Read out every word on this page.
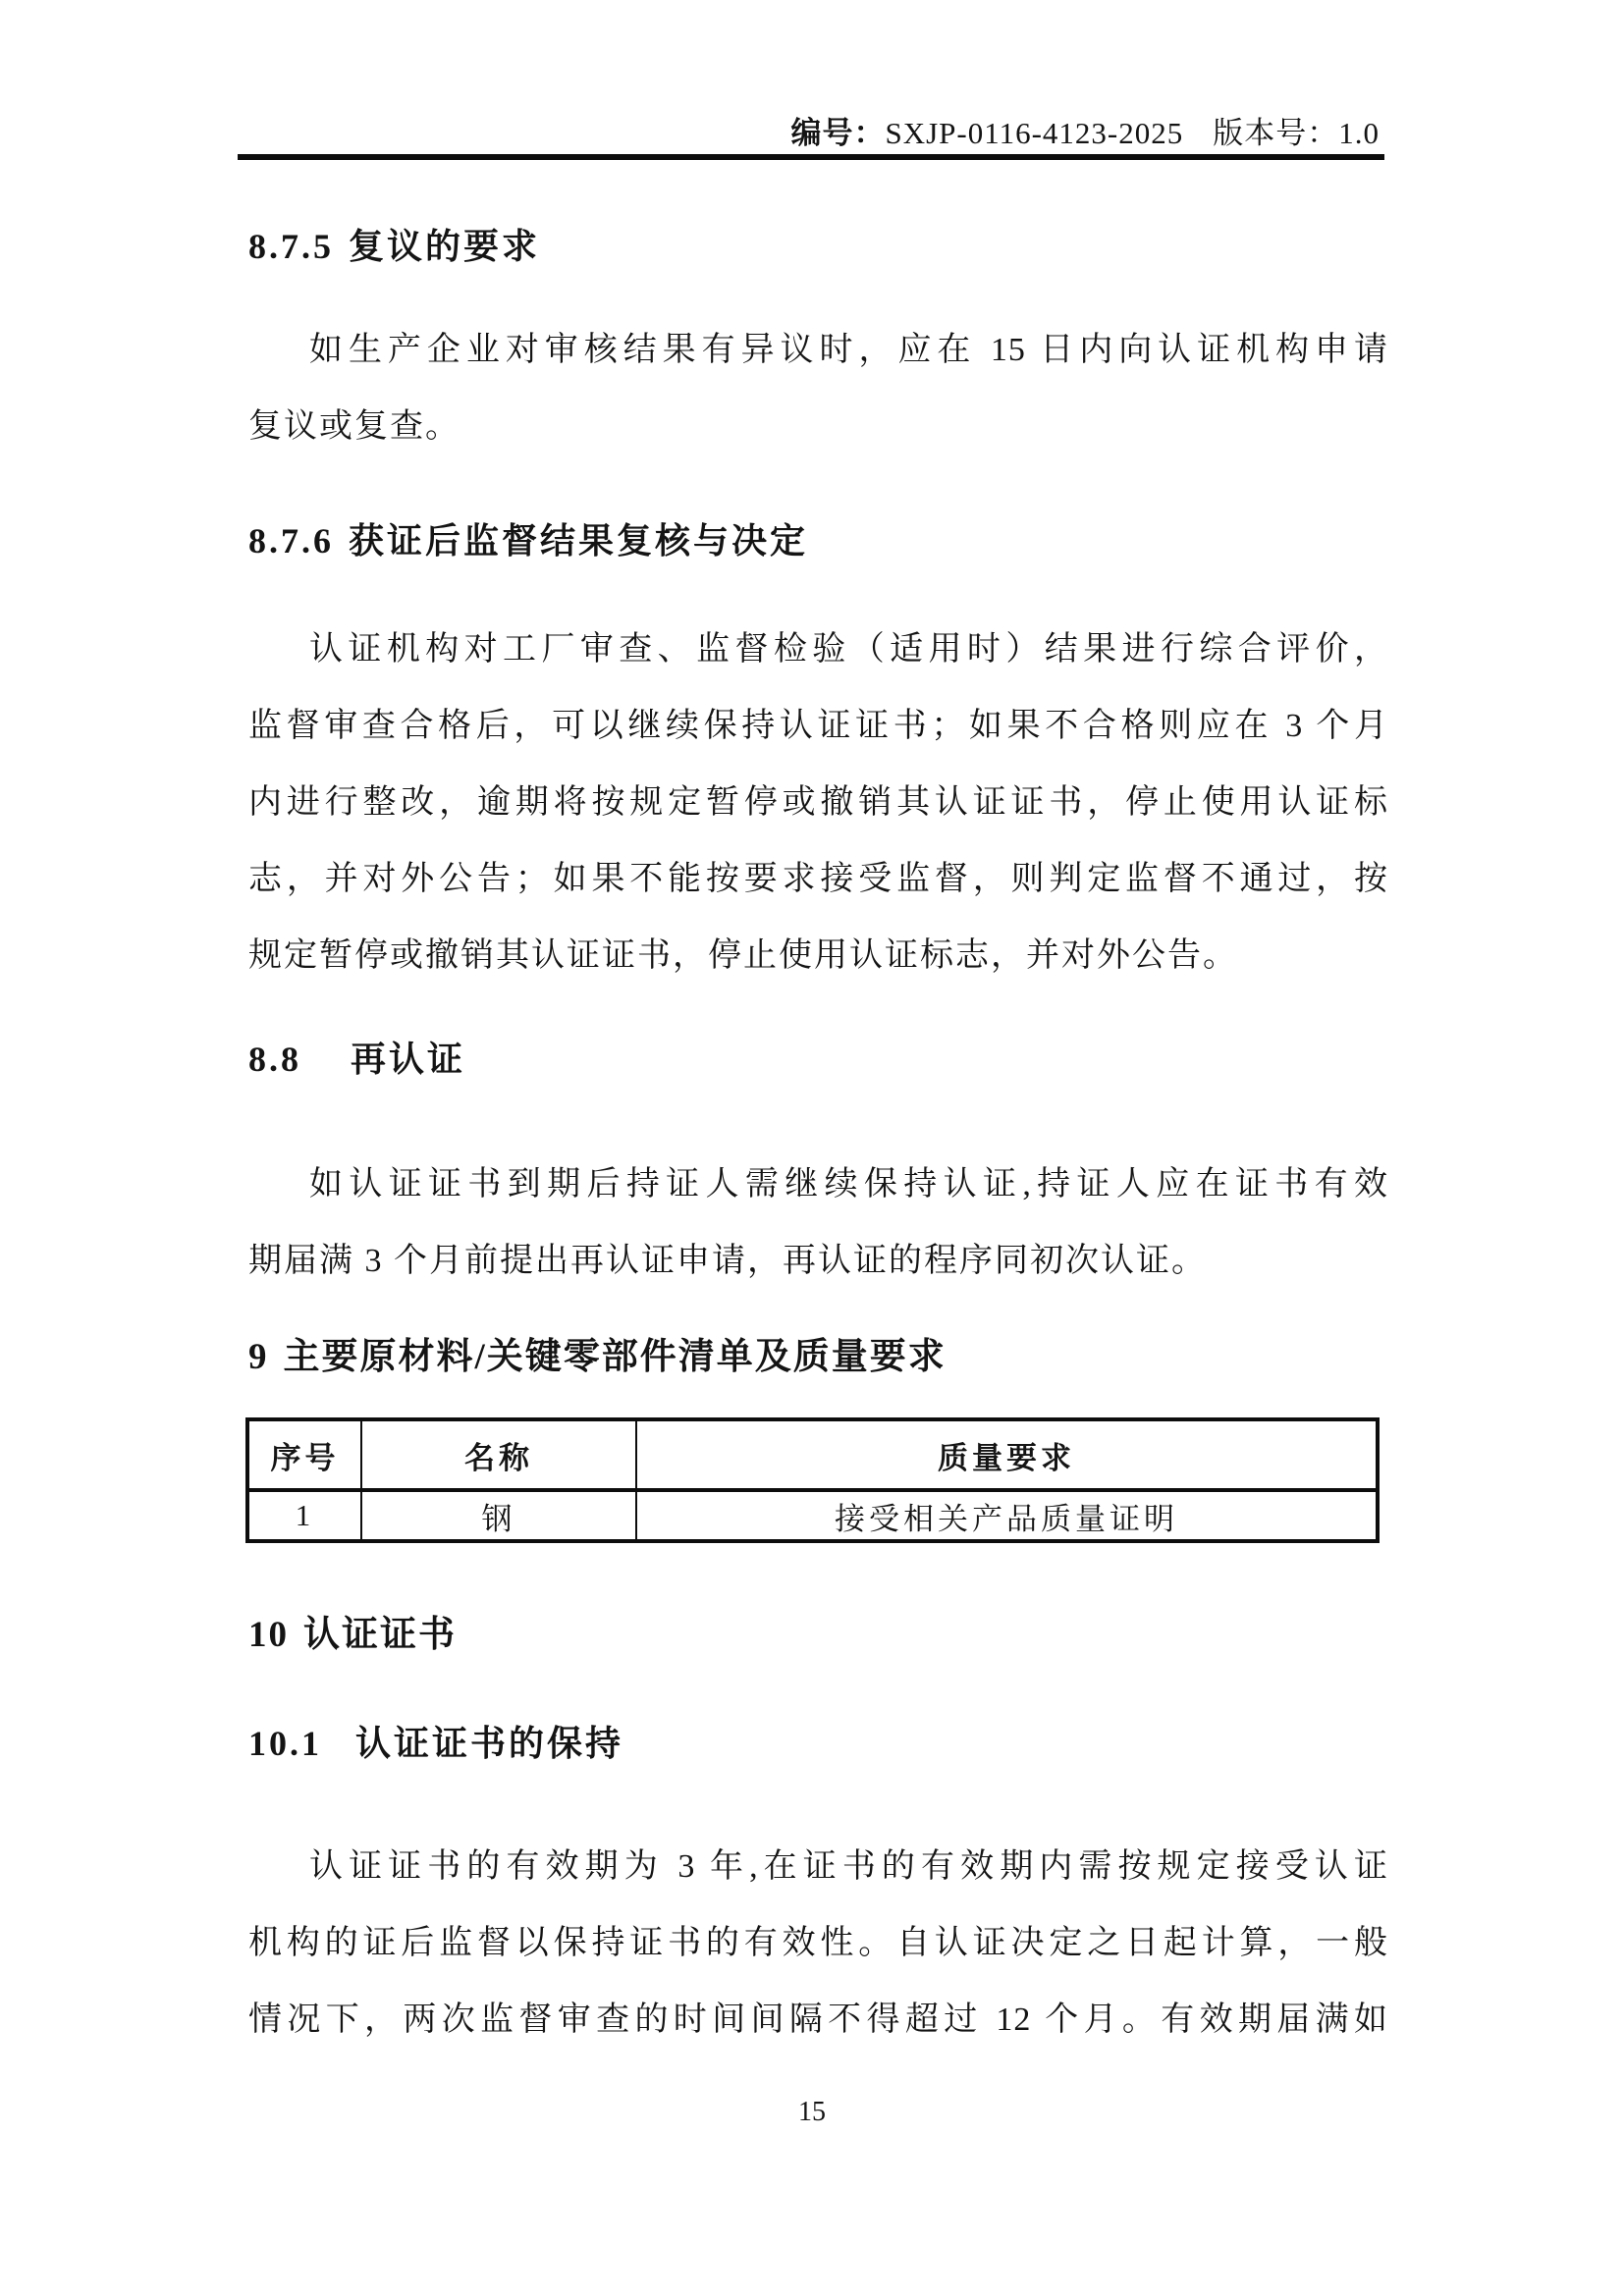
编号：SXJP-0116-4123-2025 版本号：1.0
8.7.5 复议的要求
如生产企业对审核结果有异议时，应在 15 日内向认证机构申请
复议或复查。
8.7.6 获证后监督结果复核与决定
认证机构对工厂审查、监督检验（适用时）结果进行综合评价，
监督审查合格后，可以继续保持认证证书；如果不合格则应在 3 个月
内进行整改，逾期将按规定暂停或撤销其认证证书，停止使用认证标
志，并对外公告；如果不能按要求接受监督，则判定监督不通过，按
规定暂停或撤销其认证证书，停止使用认证标志，并对外公告。
8.8 再认证
如认证证书到期后持证人需继续保持认证,持证人应在证书有效
期届满 3 个月前提出再认证申请，再认证的程序同初次认证。
9 主要原材料/关键零部件清单及质量要求
序号	名称	质量要求
1	钢	接受相关产品质量证明
10 认证证书
10.1 认证证书的保持
认证证书的有效期为 3 年,在证书的有效期内需按规定接受认证
机构的证后监督以保持证书的有效性。自认证决定之日起计算，一般
情况下，两次监督审查的时间间隔不得超过 12 个月。有效期届满如
15
